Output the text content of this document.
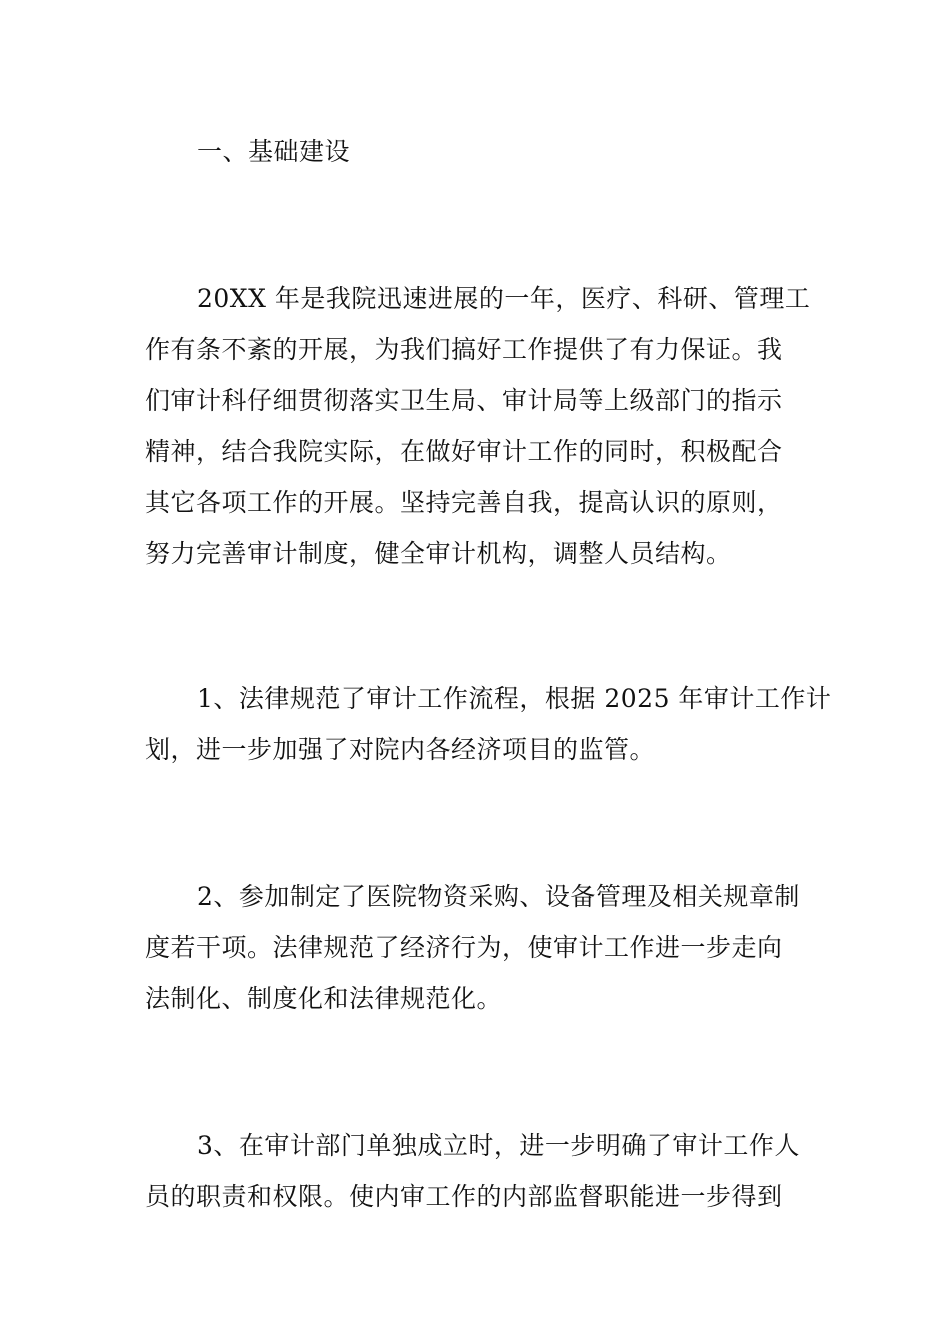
一、基础建设
20XX 年是我院迅速进展的一年，医疗、科研、管理工
作有条不紊的开展，为我们搞好工作提供了有力保证。我
们审计科仔细贯彻落实卫生局、审计局等上级部门的指示
精神，结合我院实际，在做好审计工作的同时，积极配合
其它各项工作的开展。坚持完善自我，提高认识的原则，
努力完善审计制度，健全审计机构，调整人员结构。
1、法律规范了审计工作流程，根据 2025 年审计工作计
划，进一步加强了对院内各经济项目的监管。
2、参加制定了医院物资采购、设备管理及相关规章制
度若干项。法律规范了经济行为，使审计工作进一步走向
法制化、制度化和法律规范化。
3、在审计部门单独成立时，进一步明确了审计工作人
员的职责和权限。使内审工作的内部监督职能进一步得到
